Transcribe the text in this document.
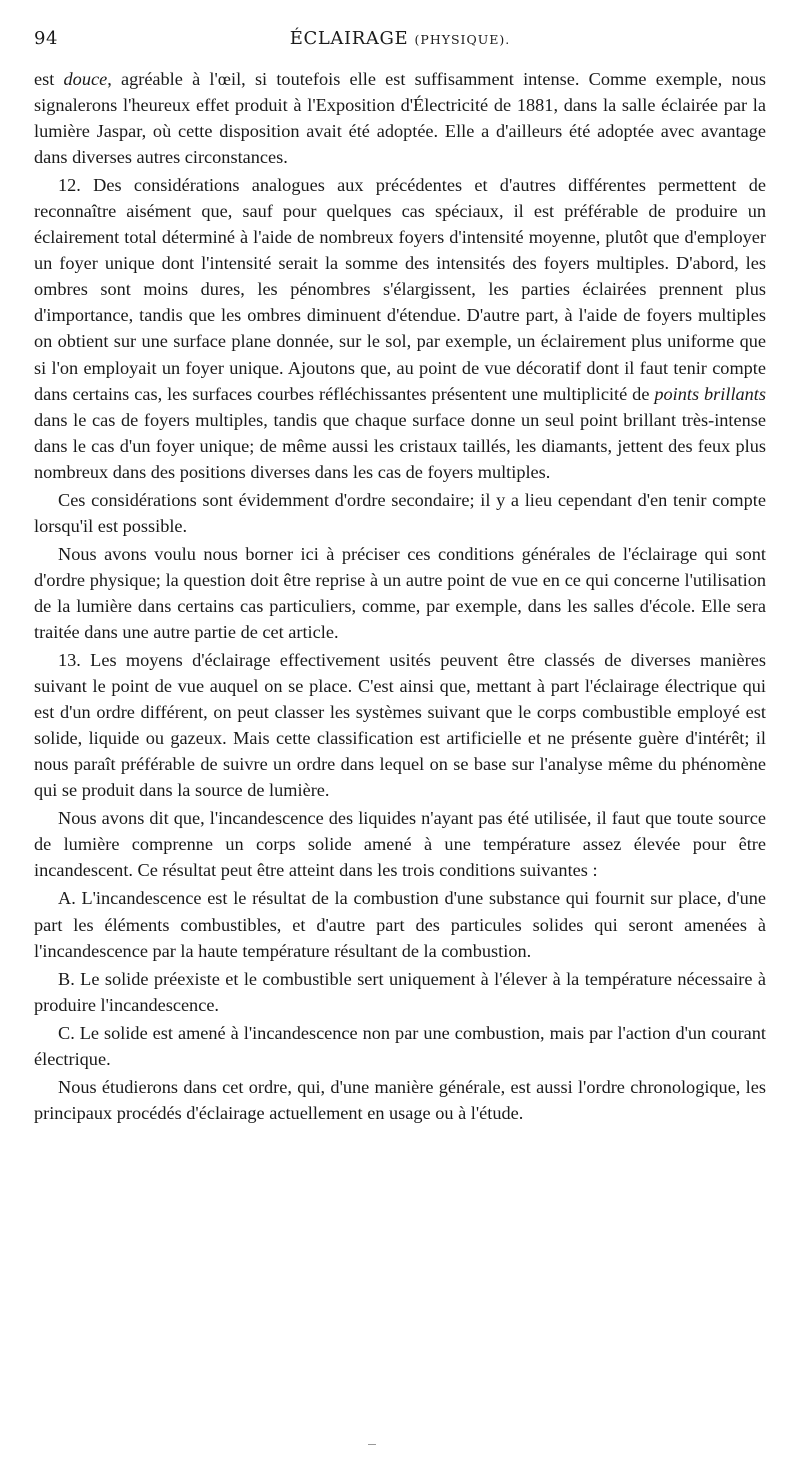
94	ÉCLAIRAGE (PHYSIQUE).

est douce, agréable à l'œil, si toutefois elle est suffisamment intense. Comme exemple, nous signalerons l'heureux effet produit à l'Exposition d'Électricité de 1881, dans la salle éclairée par la lumière Jaspar, où cette disposition avait été adoptée. Elle a d'ailleurs été adoptée avec avantage dans diverses autres circonstances.

12. Des considérations analogues aux précédentes et d'autres différentes permettent de reconnaître aisément que, sauf pour quelques cas spéciaux, il est préférable de produire un éclairement total déterminé à l'aide de nombreux foyers d'intensité moyenne, plutôt que d'employer un foyer unique dont l'intensité serait la somme des intensités des foyers multiples. D'abord, les ombres sont moins dures, les pénombres s'élargissent, les parties éclairées prennent plus d'importance, tandis que les ombres diminuent d'étendue. D'autre part, à l'aide de foyers multiples on obtient sur une surface plane donnée, sur le sol, par exemple, un éclairement plus uniforme que si l'on employait un foyer unique. Ajoutons que, au point de vue décoratif dont il faut tenir compte dans certains cas, les surfaces courbes réfléchissantes présentent une multiplicité de points brillants dans le cas de foyers multiples, tandis que chaque surface donne un seul point brillant très-intense dans le cas d'un foyer unique; de même aussi les cristaux taillés, les diamants, jettent des feux plus nombreux dans des positions diverses dans les cas de foyers multiples.

Ces considérations sont évidemment d'ordre secondaire; il y a lieu cependant d'en tenir compte lorsqu'il est possible.

Nous avons voulu nous borner ici à préciser ces conditions générales de l'éclairage qui sont d'ordre physique; la question doit être reprise à un autre point de vue en ce qui concerne l'utilisation de la lumière dans certains cas particuliers, comme, par exemple, dans les salles d'école. Elle sera traitée dans une autre partie de cet article.

13. Les moyens d'éclairage effectivement usités peuvent être classés de diverses manières suivant le point de vue auquel on se place. C'est ainsi que, mettant à part l'éclairage électrique qui est d'un ordre différent, on peut classer les systèmes suivant que le corps combustible employé est solide, liquide ou gazeux. Mais cette classification est artificielle et ne présente guère d'intérêt; il nous paraît préférable de suivre un ordre dans lequel on se base sur l'analyse même du phénomène qui se produit dans la source de lumière.

Nous avons dit que, l'incandescence des liquides n'ayant pas été utilisée, il faut que toute source de lumière comprenne un corps solide amené à une température assez élevée pour être incandescent. Ce résultat peut être atteint dans les trois conditions suivantes :

A. L'incandescence est le résultat de la combustion d'une substance qui fournit sur place, d'une part les éléments combustibles, et d'autre part des particules solides qui seront amenées à l'incandescence par la haute température résultant de la combustion.

B. Le solide préexiste et le combustible sert uniquement à l'élever à la température nécessaire à produire l'incandescence.

C. Le solide est amené à l'incandescence non par une combustion, mais par l'action d'un courant électrique.

Nous étudierons dans cet ordre, qui, d'une manière générale, est aussi l'ordre chronologique, les principaux procédés d'éclairage actuellement en usage ou à l'étude.
